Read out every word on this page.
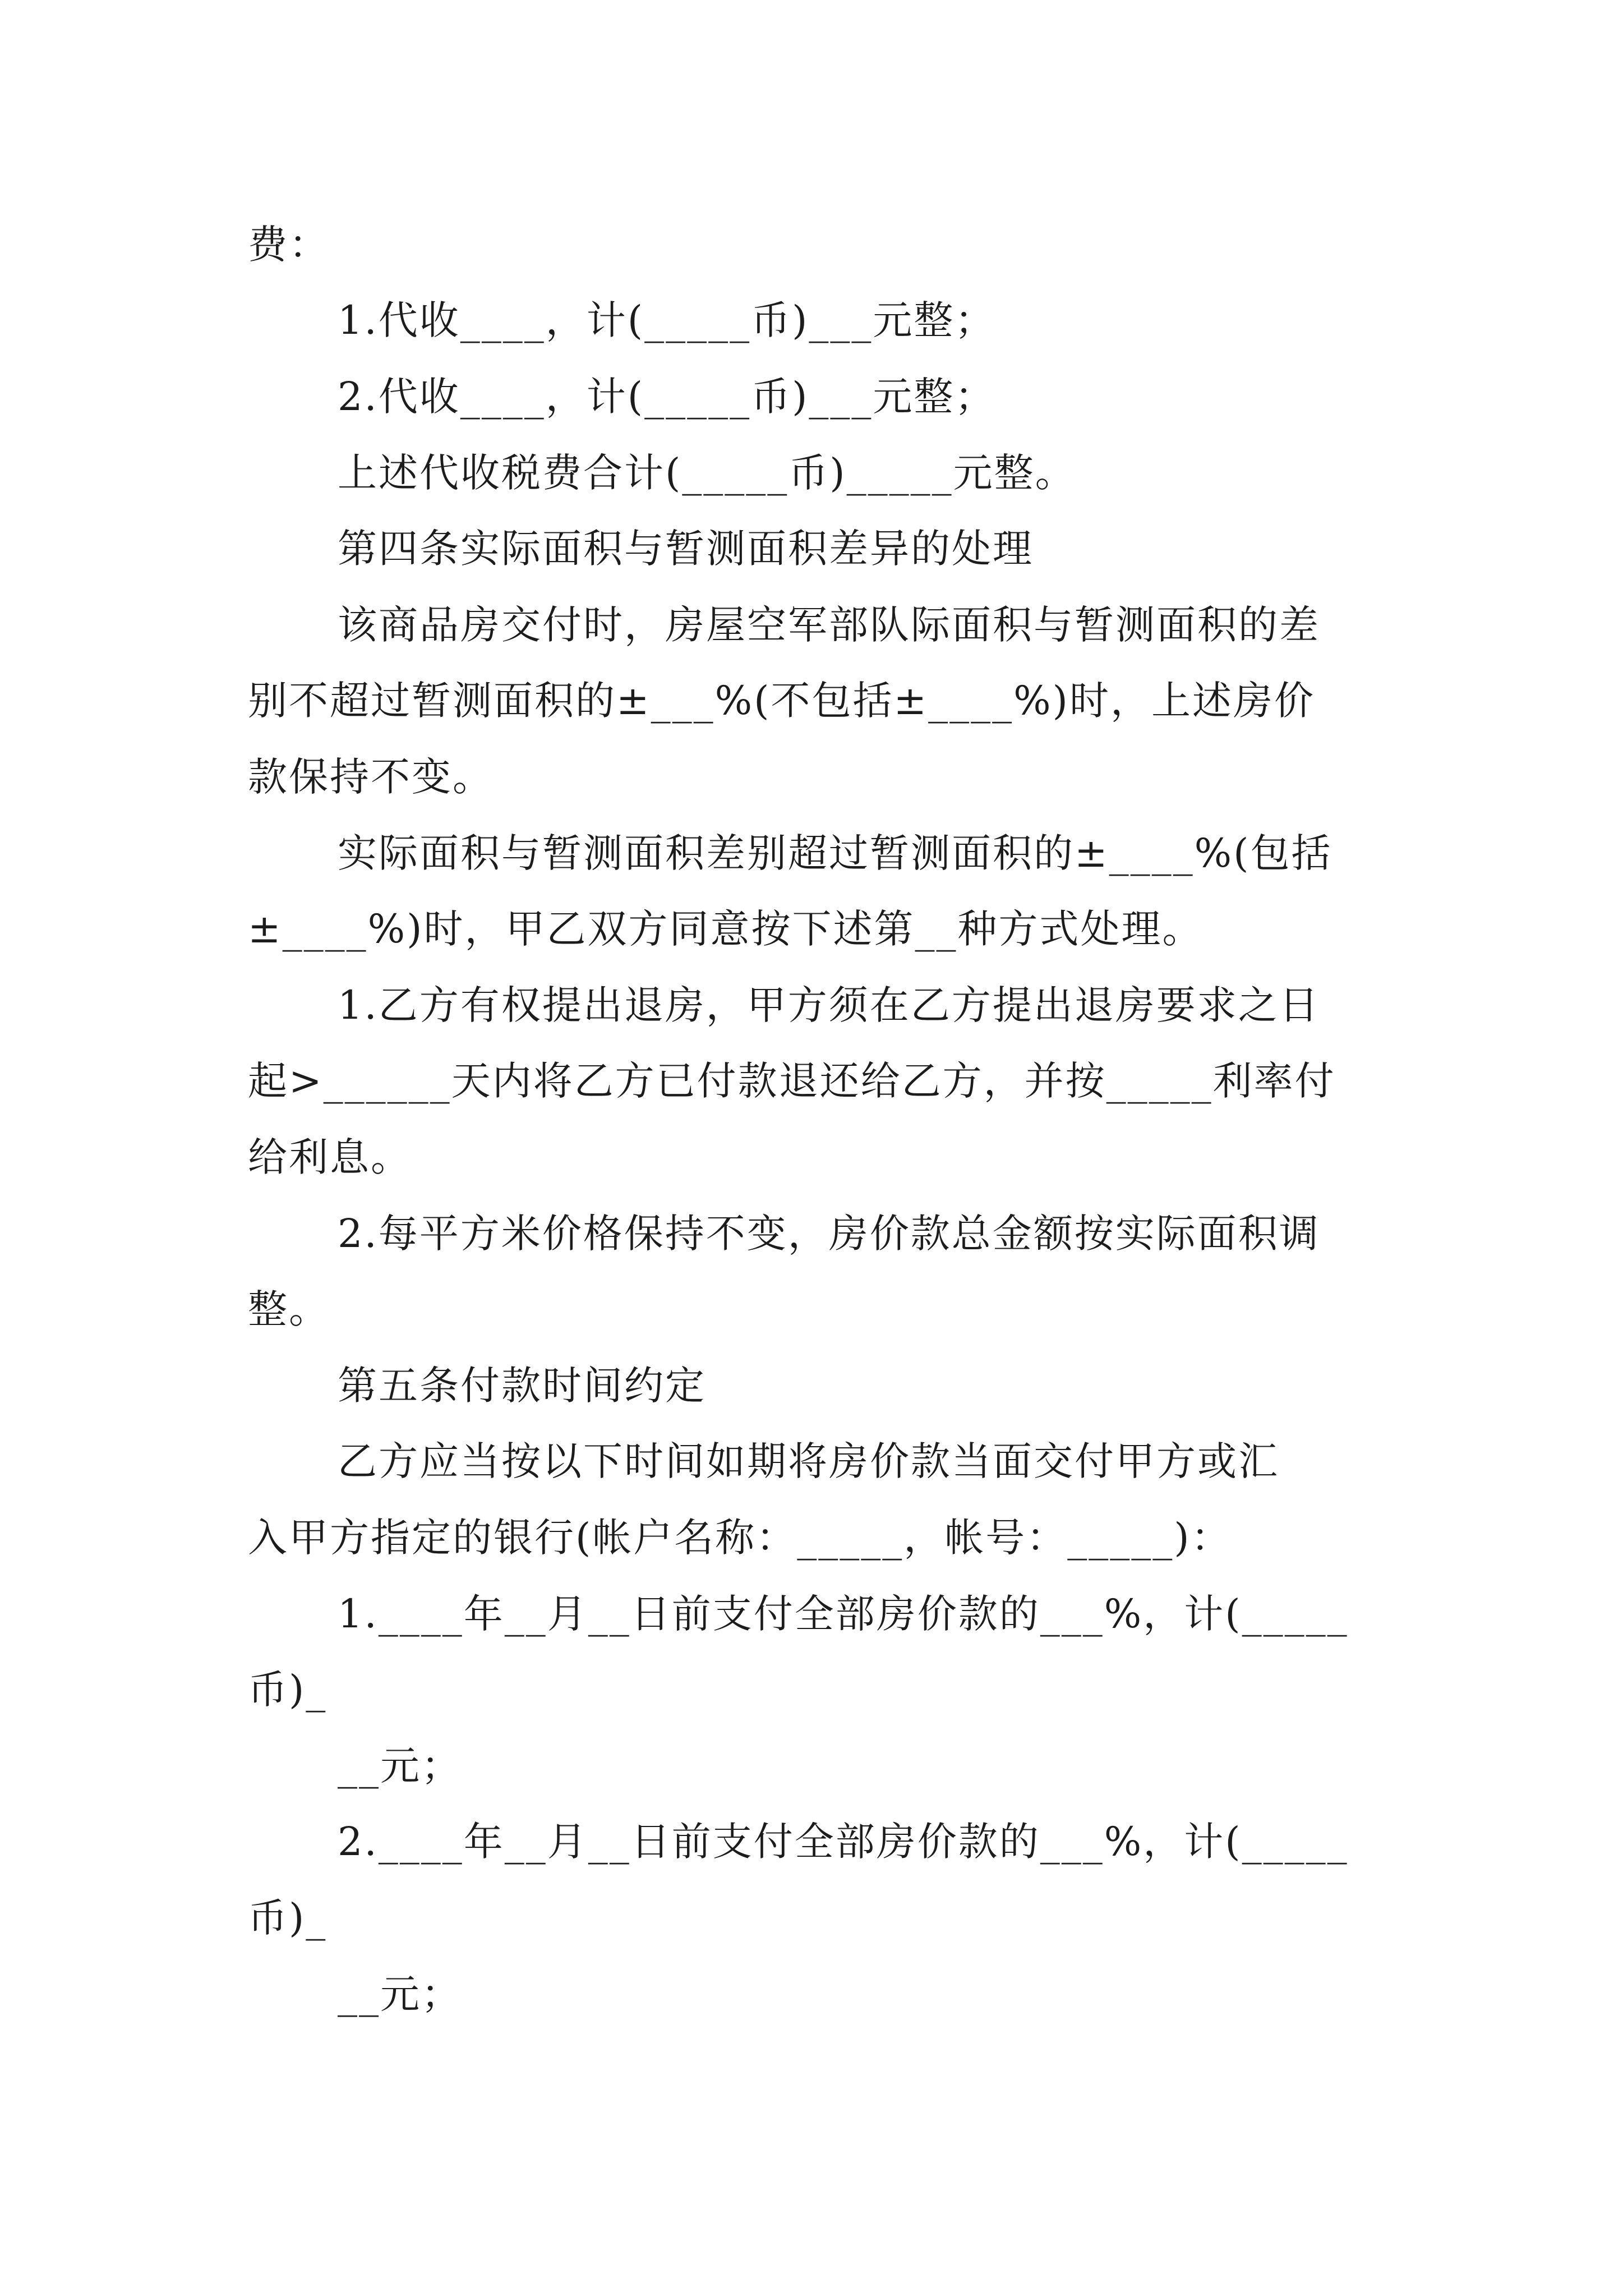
费：
1.代收____，计(_____币)___元整；
2.代收____，计(_____币)___元整；
上述代收税费合计(_____币)_____元整。
第四条实际面积与暂测面积差异的处理
该商品房交付时，房屋空军部队际面积与暂测面积的差
别不超过暂测面积的±___%(不包括±____%)时，上述房价
款保持不变。
实际面积与暂测面积差别超过暂测面积的±____%(包括
±____%)时，甲乙双方同意按下述第__种方式处理。
1.乙方有权提出退房，甲方须在乙方提出退房要求之日
起>______天内将乙方已付款退还给乙方，并按_____利率付
给利息。
2.每平方米价格保持不变，房价款总金额按实际面积调
整。
第五条付款时间约定
乙方应当按以下时间如期将房价款当面交付甲方或汇
入甲方指定的银行(帐户名称：_____，帐号：_____)：
1.____年__月__日前支付全部房价款的___%，计(_____
币)_
__元；
2.____年__月__日前支付全部房价款的___%，计(_____
币)_
__元；
